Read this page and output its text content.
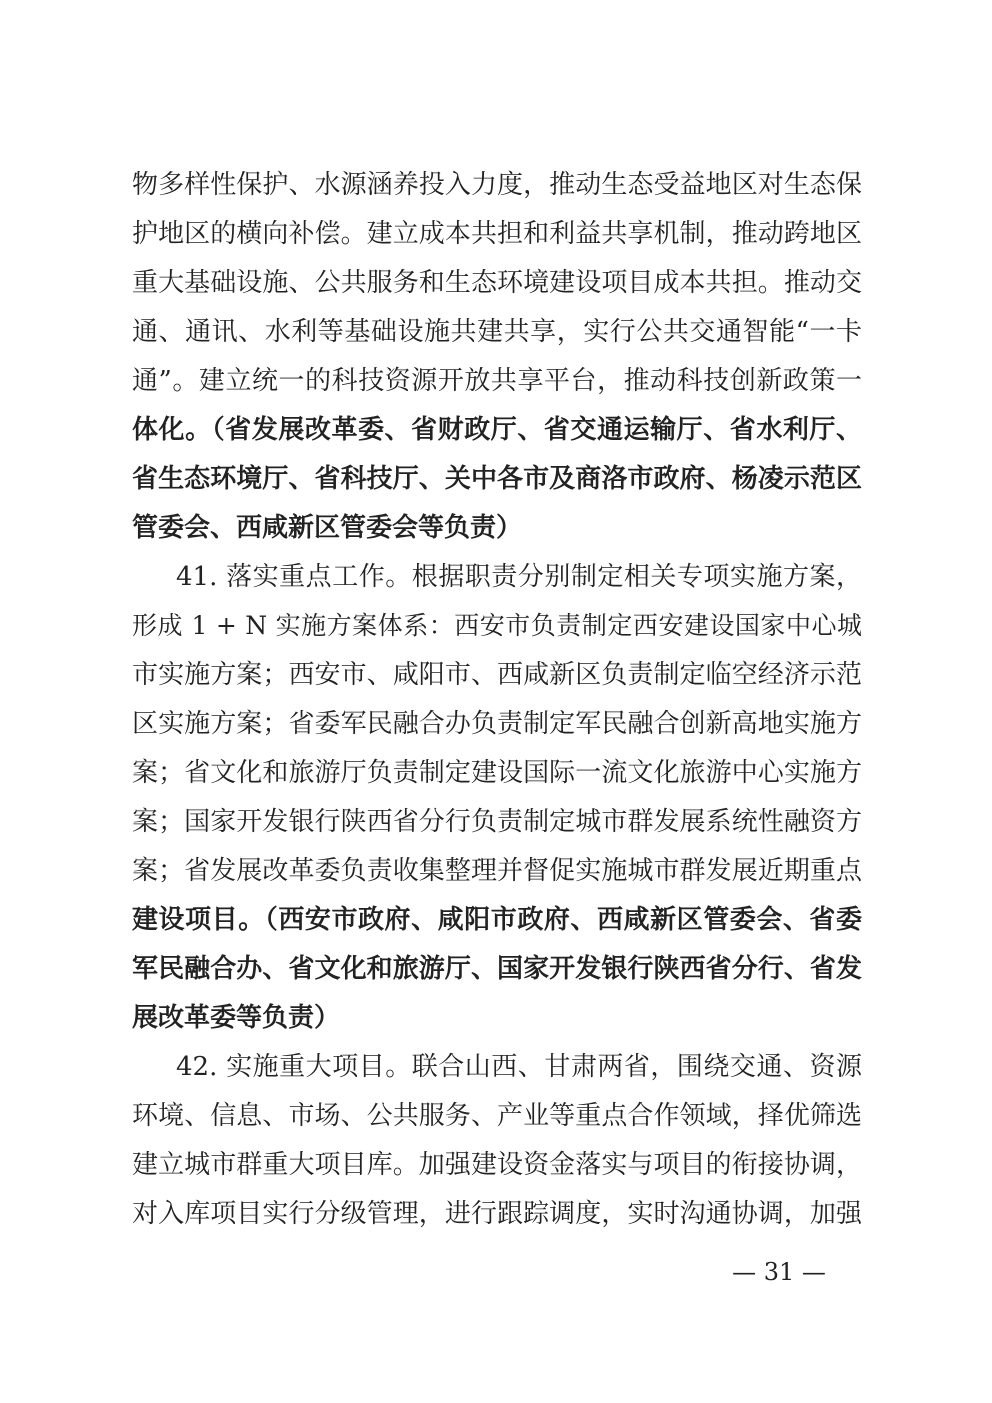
物多样性保护、水源涵养投入力度，推动生态受益地区对生态保
护地区的横向补偿。建立成本共担和利益共享机制，推动跨地区
重大基础设施、公共服务和生态环境建设项目成本共担。推动交
通、通讯、水利等基础设施共建共享，实行公共交通智能“一卡
通”。建立统一的科技资源开放共享平台，推动科技创新政策一
体化。（省发展改革委、省财政厅、省交通运输厅、省水利厅、
省生态环境厅、省科技厅、关中各市及商洛市政府、杨凌示范区
管委会、西咸新区管委会等负责）
41. 落实重点工作。根据职责分别制定相关专项实施方案，
形成 1 + N 实施方案体系：西安市负责制定西安建设国家中心城
市实施方案；西安市、咸阳市、西咸新区负责制定临空经济示范
区实施方案；省委军民融合办负责制定军民融合创新高地实施方
案；省文化和旅游厅负责制定建设国际一流文化旅游中心实施方
案；国家开发银行陕西省分行负责制定城市群发展系统性融资方
案；省发展改革委负责收集整理并督促实施城市群发展近期重点
建设项目。（西安市政府、咸阳市政府、西咸新区管委会、省委
军民融合办、省文化和旅游厅、国家开发银行陕西省分行、省发
展改革委等负责）
42. 实施重大项目。联合山西、甘肃两省，围绕交通、资源
环境、信息、市场、公共服务、产业等重点合作领域，择优筛选
建立城市群重大项目库。加强建设资金落实与项目的衔接协调，
对入库项目实行分级管理，进行跟踪调度，实时沟通协调，加强
— 31 —
